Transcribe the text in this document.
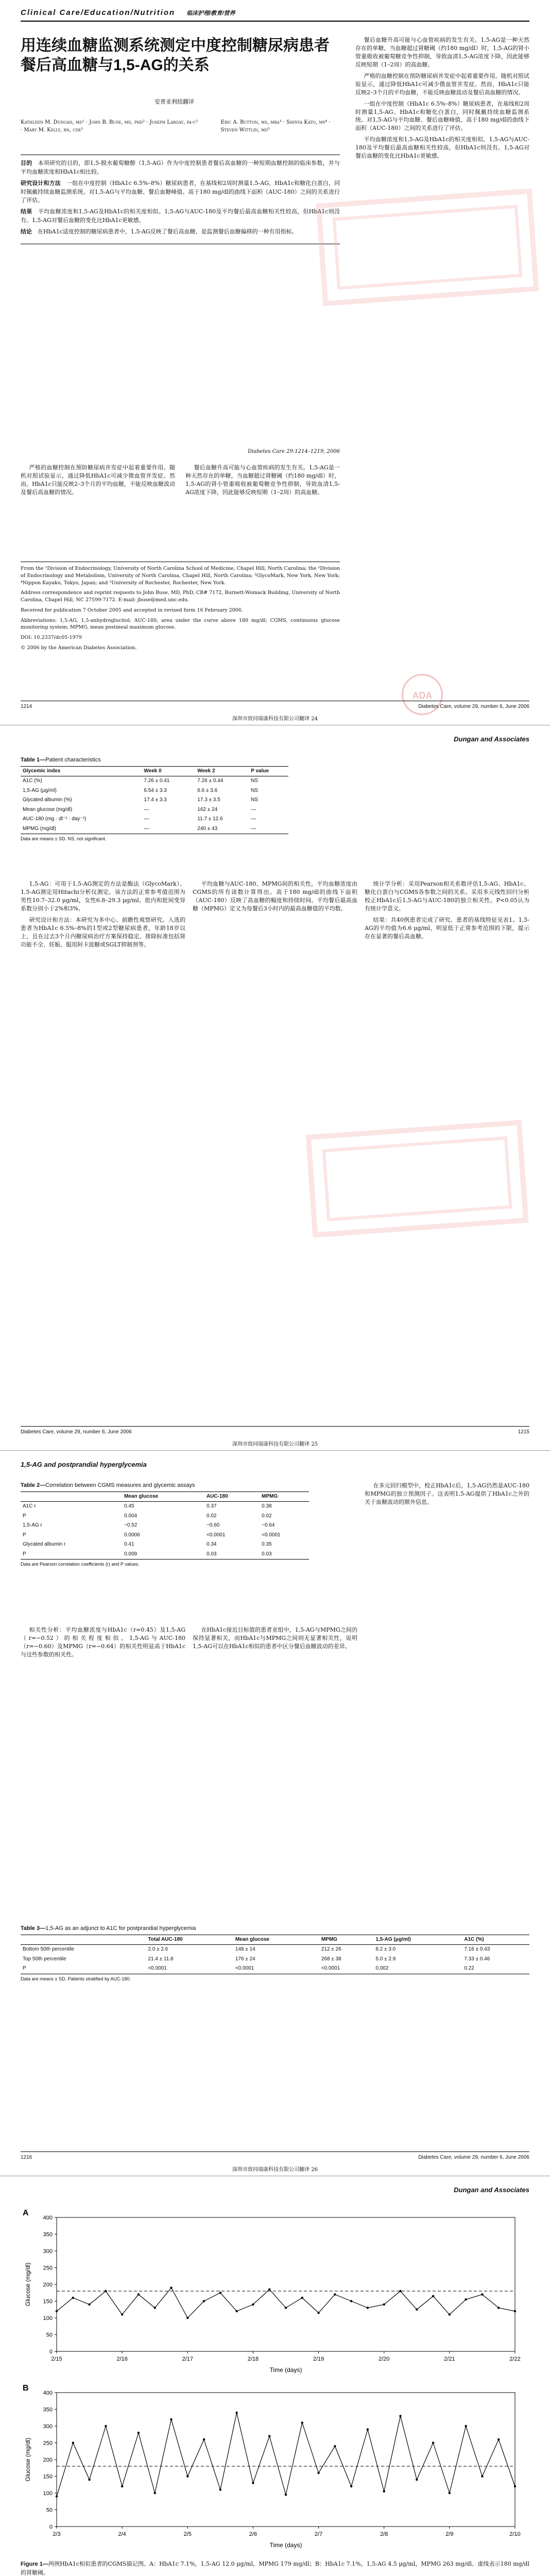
Clinical Care/Education/Nutrition 临床护理/教育/营养
用连续血糖监测系统测定中度控制糖尿病患者餐后高血糖与1,5-AG的关系
安普亚利纽翻译
Kathleen M. Dungan, md¹ · John B. Buse, md, phd² · Joseph Largay, pa-c² · Mary M. Kelly, rn, cde²
Eric A. Button, ms, mba³ · Shinya Kato, ms⁴ · Steven Wittlin, md⁵

目的　 本项研究的目的，即1,5-脱水葡萄糖醇（1,5-AG）作为中度控制患者餐后高血糖的一种短期血糖控制的临床参数，并与平均血糖浓度和HbA1c相比较。

研究设计和方法　 一组在中度控制（HbA1c 6.5%–8%）糖尿病患者，在基线和2周时测量1,5-AG、HbA1c和糖化白蛋白，同时佩戴持续血糖监测系统。对1,5-AG与平均血糖、餐后血糖峰值、高于180 mg/dl的曲线下面积（AUC-180）之间的关系进行了评估。

结果　 平均血糖浓度和1,5-AG及HbA1c的相关度相似。1,5-AG与AUC-180及平均餐后最高血糖相关性较高，但HbA1c则没有。1,5-AG对餐后血糖的变化比HbA1c更敏感。

结论　 在HbA1c适度控制的糖尿病患者中，1,5-AG反映了餐后高血糖，是监测餐后血糖偏移的一种有用指标。

Diabetes Care 29:1214–1219, 2006

严格的血糖控制在预防糖尿病并发症中起着重要作用。随机对照试验显示，通过降低HbA1c可减少微血管并发症。然而，HbA1c只能反映2–3个月的平均血糖，不能反映血糖波动及餐后高血糖的情况。

餐后血糖升高可能与心血管疾病的发生有关。1,5-AG是一种天然存在的单糖，当血糖超过肾糖阈（约180 mg/dl）时，1,5-AG的肾小管重吸收被葡萄糖竞争性抑制，导致血清1,5-AG浓度下降，因此能够反映短期（1–2周）的高血糖。

From the ¹Division of Endocrinology, University of North Carolina School of Medicine, Chapel Hill, North Carolina; the ²Division of Endocrinology and Metabolism, University of North Carolina, Chapel Hill, North Carolina; ³GlycoMark, New York, New York; ⁴Nippon Kayaku, Tokyo, Japan; and ⁵University of Rochester, Rochester, New York.

Address correspondence and reprint requests to John Buse, MD, PhD, CB# 7172, Burnett-Womack Building, University of North Carolina, Chapel Hill, NC 27599-7172. E-mail: jbuse@med.unc.edu.

Received for publication 7 October 2005 and accepted in revised form 16 February 2006.

Abbreviations: 1,5-AG, 1,5-anhydroglucitol; AUC-180, area under the curve above 180 mg/dl; CGMS, continuous glucose monitoring system; MPMG, mean postmeal maximum glucose.

DOI: 10.2337/dc05-1979

© 2006 by the American Diabetes Association.

餐后血糖升高可能与心血管疾病的发生有关。1,5-AG是一种天然存在的单糖，当血糖超过肾糖阈（约180 mg/dl）时，1,5-AG的肾小管重吸收被葡萄糖竞争性抑制，导致血清1,5-AG浓度下降，因此能够反映短期（1–2周）的高血糖。

严格的血糖控制在预防糖尿病并发症中起着重要作用。随机对照试验显示，通过降低HbA1c可减少微血管并发症。然而，HbA1c只能反映2–3个月的平均血糖，不能反映血糖波动及餐后高血糖的情况。

一组在中度控制（HbA1c 6.5%–8%）糖尿病患者，在基线和2周时测量1,5-AG、HbA1c和糖化白蛋白，同时佩戴持续血糖监测系统。对1,5-AG与平均血糖、餐后血糖峰值、高于180 mg/dl的曲线下面积（AUC-180）之间的关系进行了评估。

平均血糖浓度和1,5-AG及HbA1c的相关度相似。1,5-AG与AUC-180及平均餐后最高血糖相关性较高，但HbA1c则没有。1,5-AG对餐后血糖的变化比HbA1c更敏感。

ADA
1214	Diabetes Care, volume 29, number 6, June 2006
深圳市致同瑞康科技有限公司翻译 24
Dungan and Associates
Table 1—Patient characteristics
Glycemic index	Week 0	Week 2	P value
A1C (%)	7.26 ± 0.41	7.26 ± 0.44	NS
1,5-AG (μg/ml)	6.54 ± 3.3	6.6 ± 3.6	NS
Glycated albumin (%)	17.4 ± 3.3	17.3 ± 3.5	NS
Mean glucose (mg/dl)	—	162 ± 24	—
AUC-180 (mg · dl⁻¹ · day⁻¹)	—	11.7 ± 12.6	—
MPMG (mg/dl)	—	240 ± 43	—
Data are means ± SD. NS, not significant.

1,5-AG：可用于1,5-AG测定的方法是酶法（GlycoMark）。1,5-AG测定用Hitachi分析仪测定。该方法的正常参考值范围为男性10.7–32.0 μg/ml，女性6.8–29.3 μg/ml。批内和批间变异系数分别小于2%和3%。

研究设计和方法：本研究为多中心、前瞻性观察研究。入选的患者为HbA1c 6.5%–8%的1型或2型糖尿病患者，年龄18岁以上，且在过去3个月内糖尿病治疗方案保持稳定。排除标准包括肾功能不全、妊娠、服用阿卡波糖或SGLT抑制剂等。

平均血糖与AUC-180、MPMG间的相关性，平均血糖浓度由CGMS的所有读数计算得出。高于180 mg/dl的曲线下面积（AUC-180）反映了高血糖的幅度和持续时间。平均餐后最高血糖（MPMG）定义为每餐后3小时内的最高血糖值的平均数。

统计学分析：采用Pearson相关系数评估1,5-AG、HbA1c、糖化白蛋白与CGMS各参数之间的关系。采用多元线性回归分析校正HbA1c后1,5-AG与AUC-180的独立相关性。P<0.05认为有统计学意义。

结果：共40例患者完成了研究。患者的基线特征见表1。1,5-AG的平均值为6.6 μg/ml，明显低于正常参考范围的下限，提示存在显著的餐后高血糖。

Diabetes Care, volume 29, number 6, June 2006	1215
深圳市致同瑞康科技有限公司翻译 25
1,5-AG and postprandial hyperglycemia
Table 2—Correlation between CGMS measures and glycemic assays
	Mean glucose	AUC-180	MPMG
A1C r	0.45	0.37	0.38
P	0.004	0.02	0.02
1,5-AG r	−0.52	−0.60	−0.64
P	0.0006	<0.0001	<0.0001
Glycated albumin r	0.41	0.34	0.35
P	0.009	0.03	0.03
Data are Pearson correlation coefficients (r) and P values.

相关性分析：平均血糖浓度与HbA1c（r=0.45）及1,5-AG（r=−0.52）的相关程度相似。1,5-AG与AUC-180（r=−0.60）及MPMG（r=−0.64）的相关性明显高于HbA1c与这些参数的相关性。

在HbA1c接近目标值的患者亚组中，1,5-AG与MPMG之间仍保持显著相关，而HbA1c与MPMG之间则无显著相关性，说明1,5-AG可以在HbA1c相似的患者中区分餐后血糖波动的差异。

在多元回归模型中，校正HbA1c后，1,5-AG仍然是AUC-180和MPMG的独立预测因子。这表明1,5-AG提供了HbA1c之外的关于血糖波动的额外信息。

Table 3—1,5-AG as an adjunct to A1C for postprandial hyperglycemia
	Total AUC-180	Mean glucose	MPMG	1,5-AG (μg/ml)	A1C (%)
Bottom 50th percentile	2.0 ± 2.6	148 ± 14	212 ± 26	8.2 ± 3.0	7.16 ± 0.43
Top 50th percentile	21.4 ± 11.8	176 ± 24	268 ± 38	5.0 ± 2.9	7.33 ± 0.46
P	<0.0001	<0.0001	<0.0001	0.002	0.22
Data are means ± SD. Patients stratified by AUC-180.
1216	Diabetes Care, volume 29, number 6, June 2006
深圳市致同瑞康科技有限公司翻译 26
Dungan and Associates
0
50
100
150
200
250
300
350
400
2/15	2/16	2/17	2/18	2/19	2/20	2/21	2/22
Glucose (mg/dl)
Time (days)
A
0
50
100
150
200
250
300
350
400
2/3	2/4	2/5	2/6	2/7	2/8	2/9	2/10
Glucose (mg/dl)
Time (days)
B
Figure 1—两例HbA1c相似患者的CGMS描记图。A：HbA1c 7.1%，1,5-AG 12.0 μg/ml，MPMG 179 mg/dl；B：HbA1c 7.1%，1,5-AG 4.5 μg/ml，MPMG 263 mg/dl。虚线表示180 mg/dl的肾糖阈。
